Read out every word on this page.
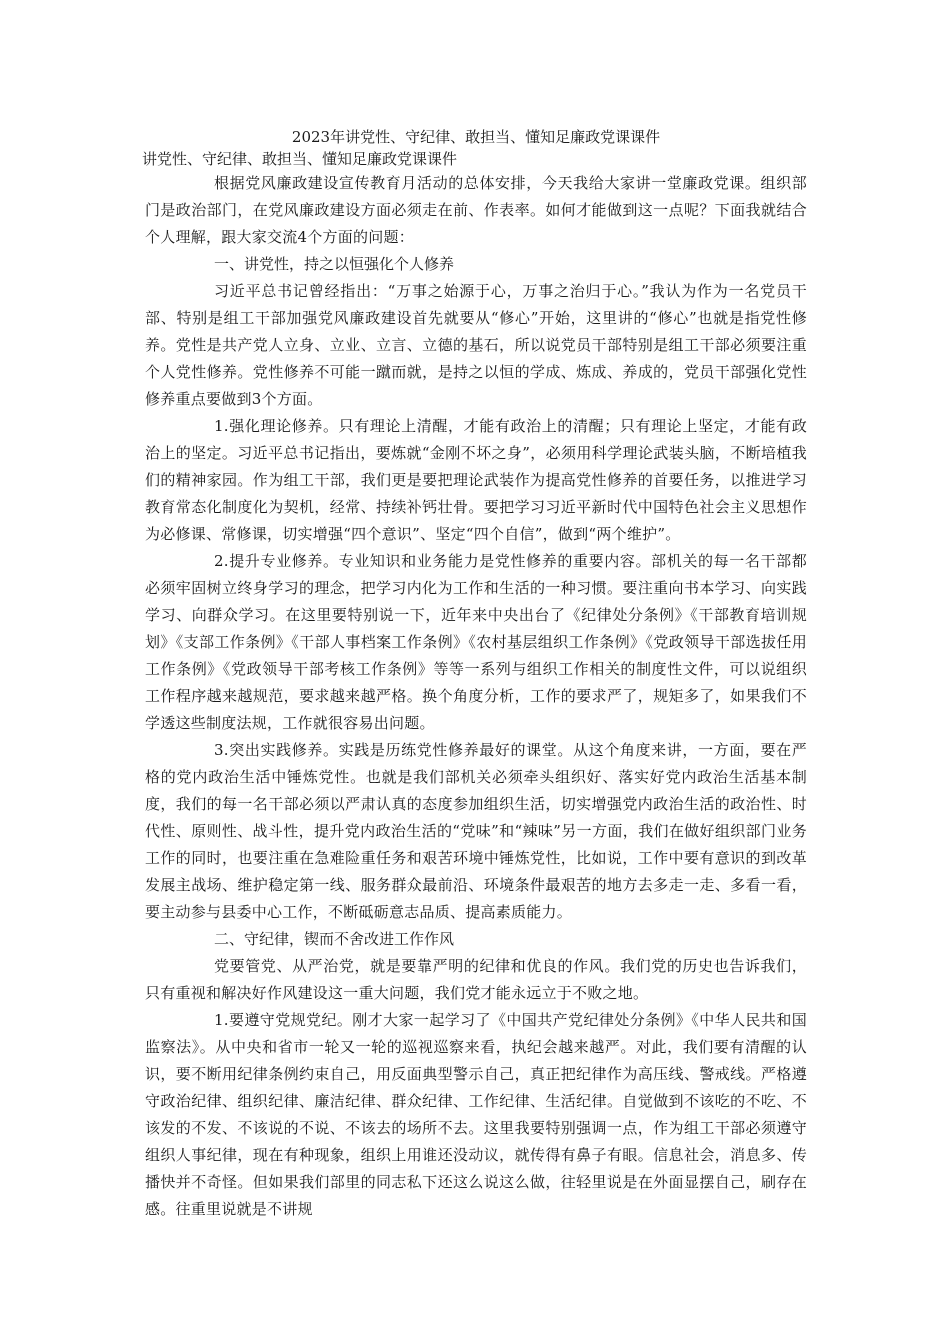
2023年讲党性、守纪律、敢担当、懂知足廉政党课课件

讲党性、守纪律、敢担当、懂知足廉政党课课件

根据党风廉政建设宣传教育月活动的总体安排，今天我给大家讲一堂廉政党课。组织部门是政治部门，在党风廉政建设方面必须走在前、作表率。如何才能做到这一点呢？下面我就结合个人理解，跟大家交流4个方面的问题：

一、讲党性，持之以恒强化个人修养

习近平总书记曾经指出：“万事之始源于心，万事之治归于心。”我认为作为一名党员干部、特别是组工干部加强党风廉政建设首先就要从“修心”开始，这里讲的“修心”也就是指党性修养。党性是共产党人立身、立业、立言、立德的基石，所以说党员干部特别是组工干部必须要注重个人党性修养。党性修养不可能一蹴而就，是持之以恒的学成、炼成、养成的，党员干部强化党性修养重点要做到3个方面。

1.强化理论修养。只有理论上清醒，才能有政治上的清醒；只有理论上坚定，才能有政治上的坚定。习近平总书记指出，要炼就“金刚不坏之身”，必须用科学理论武装头脑，不断培植我们的精神家园。作为组工干部，我们更是要把理论武装作为提高党性修养的首要任务，以推进学习教育常态化制度化为契机，经常、持续补钙壮骨。要把学习习近平新时代中国特色社会主义思想作为必修课、常修课，切实增强“四个意识”、坚定“四个自信”，做到“两个维护”。

2.提升专业修养。专业知识和业务能力是党性修养的重要内容。部机关的每一名干部都必须牢固树立终身学习的理念，把学习内化为工作和生活的一种习惯。要注重向书本学习、向实践学习、向群众学习。在这里要特别说一下，近年来中央出台了《纪律处分条例》《干部教育培训规划》《支部工作条例》《干部人事档案工作条例》《农村基层组织工作条例》《党政领导干部选拔任用工作条例》《党政领导干部考核工作条例》等等一系列与组织工作相关的制度性文件，可以说组织工作程序越来越规范，要求越来越严格。换个角度分析，工作的要求严了，规矩多了，如果我们不学透这些制度法规，工作就很容易出问题。

3.突出实践修养。实践是历练党性修养最好的课堂。从这个角度来讲，一方面，要在严格的党内政治生活中锤炼党性。也就是我们部机关必须牵头组织好、落实好党内政治生活基本制度，我们的每一名干部必须以严肃认真的态度参加组织生活，切实增强党内政治生活的政治性、时代性、原则性、战斗性，提升党内政治生活的“党味”和“辣味”另一方面，我们在做好组织部门业务工作的同时，也要注重在急难险重任务和艰苦环境中锤炼党性，比如说，工作中要有意识的到改革发展主战场、维护稳定第一线、服务群众最前沿、环境条件最艰苦的地方去多走一走、多看一看，要主动参与县委中心工作，不断砥砺意志品质、提高素质能力。

二、守纪律，锲而不舍改进工作作风

党要管党、从严治党，就是要靠严明的纪律和优良的作风。我们党的历史也告诉我们，只有重视和解决好作风建设这一重大问题，我们党才能永远立于不败之地。

1.要遵守党规党纪。刚才大家一起学习了《中国共产党纪律处分条例》《中华人民共和国监察法》。从中央和省市一轮又一轮的巡视巡察来看，执纪会越来越严。对此，我们要有清醒的认识，要不断用纪律条例约束自己，用反面典型警示自己，真正把纪律作为高压线、警戒线。严格遵守政治纪律、组织纪律、廉洁纪律、群众纪律、工作纪律、生活纪律。自觉做到不该吃的不吃、不该发的不发、不该说的不说、不该去的场所不去。这里我要特别强调一点，作为组工干部必须遵守组织人事纪律，现在有种现象，组织上用谁还没动议，就传得有鼻子有眼。信息社会，消息多、传播快并不奇怪。但如果我们部里的同志私下还这么说这么做，往轻里说是在外面显摆自己，刷存在感。往重里说就是不讲规
